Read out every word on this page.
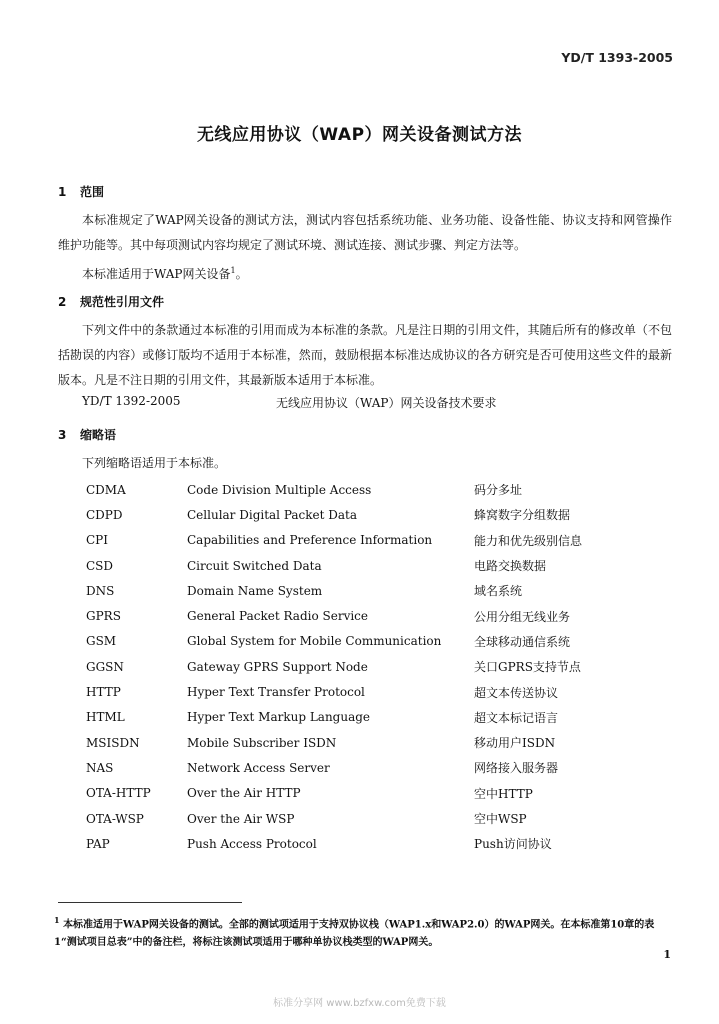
YD/T 1393-2005
无线应用协议（WAP）网关设备测试方法
1 范围

本标准规定了WAP网关设备的测试方法，测试内容包括系统功能、业务功能、设备性能、协议支持和网管操作维护功能等。其中每项测试内容均规定了测试环境、测试连接、测试步骤、判定方法等。

本标准适用于WAP网关设备$^1$。

2 规范性引用文件

下列文件中的条款通过本标准的引用而成为本标准的条款。凡是注日期的引用文件，其随后所有的修改单（不包括勘误的内容）或修订版均不适用于本标准，然而，鼓励根据本标准达成协议的各方研究是否可使用这些文件的最新版本。凡是不注日期的引用文件，其最新版本适用于本标准。

YD/T 1392-2005	无线应用协议（WAP）网关设备技术要求
3 缩略语
下列缩略语适用于本标准。
CDMA	Code Division Multiple Access	码分多址
CDPD	Cellular Digital Packet Data	蜂窝数字分组数据
CPI	Capabilities and Preference Information	能力和优先级别信息
CSD	Circuit Switched Data	电路交换数据
DNS	Domain Name System	域名系统
GPRS	General Packet Radio Service	公用分组无线业务
GSM	Global System for Mobile Communication	全球移动通信系统
GGSN	Gateway GPRS Support Node	关口GPRS支持节点
HTTP	Hyper Text Transfer Protocol	超文本传送协议
HTML	Hyper Text Markup Language	超文本标记语言
MSISDN	Mobile Subscriber ISDN	移动用户ISDN
NAS	Network Access Server	网络接入服务器
OTA-HTTP	Over the Air HTTP	空中HTTP
OTA-WSP	Over the Air WSP	空中WSP
PAP	Push Access Protocol	Push访问协议
$^1$ 本标准适用于WAP网关设备的测试。全部的测试项适用于支持双协议栈（WAP1.x和WAP2.0）的WAP网关。在本标准第10章的表1“测试项目总表”中的备注栏，将标注该测试项适用于哪种单协议栈类型的WAP网关。
1
标准分享网 www.bzfxw.com免费下载
